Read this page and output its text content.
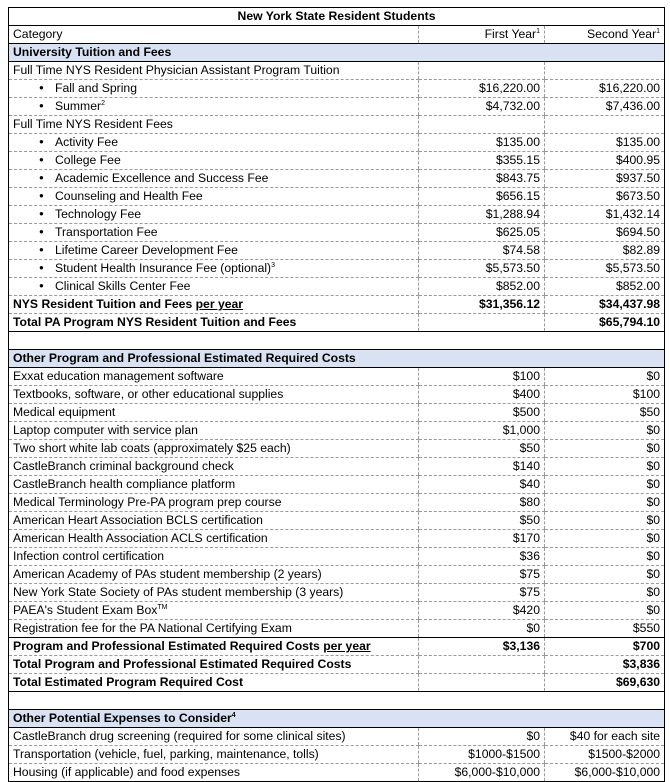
New York State Resident Students		
Category	First Year$^1$	Second Year$^1$
University Tuition and Fees		
Full Time NYS Resident Physician Assistant Program Tuition		
●Fall and Spring	$16,220.00	$16,220.00
●Summer$^2$	$4,732.00	$7,436.00
Full Time NYS Resident Fees		
●Activity Fee	$135.00	$135.00
●College Fee	$355.15	$400.95
●Academic Excellence and Success Fee	$843.75	$937.50
●Counseling and Health Fee	$656.15	$673.50
●Technology Fee	$1,288.94	$1,432.14
●Transportation Fee	$625.05	$694.50
●Lifetime Career Development Fee	$74.58	$82.89
●Student Health Insurance Fee (optional)$^3$	$5,573.50	$5,573.50
●Clinical Skills Center Fee	$852.00	$852.00
NYS Resident Tuition and Fees per year	$31,356.12	$34,437.98
Total PA Program NYS Resident Tuition and Fees		$65,794.10

Other Program and Professional Estimated Required Costs		
Exxat education management software	$100	$0
Textbooks, software, or other educational supplies	$400	$100
Medical equipment	$500	$50
Laptop computer with service plan	$1,000	$0
Two short white lab coats (approximately $25 each)	$50	$0
CastleBranch criminal background check	$140	$0
CastleBranch health compliance platform	$40	$0
Medical Terminology Pre-PA program prep course	$80	$0
American Heart Association BCLS certification	$50	$0
American Health Association ACLS certification	$170	$0
Infection control certification	$36	$0
American Academy of PAs student membership (2 years)	$75	$0
New York State Society of PAs student membership (3 years)	$75	$0
PAEA's Student Exam Box™	$420	$0
Registration fee for the PA National Certifying Exam	$0	$550
Program and Professional Estimated Required Costs per year	$3,136	$700
Total Program and Professional Estimated Required Costs		$3,836
Total Estimated Program Required Cost		$69,630

Other Potential Expenses to Consider$^4$
CastleBranch drug screening (required for some clinical sites)	$0	$40 for each site
Transportation (vehicle, fuel, parking, maintenance, tolls)	$1000-$1500	$1500-$2000
Housing (if applicable) and food expenses	$6,000-$10,000	$6,000-$10,000
